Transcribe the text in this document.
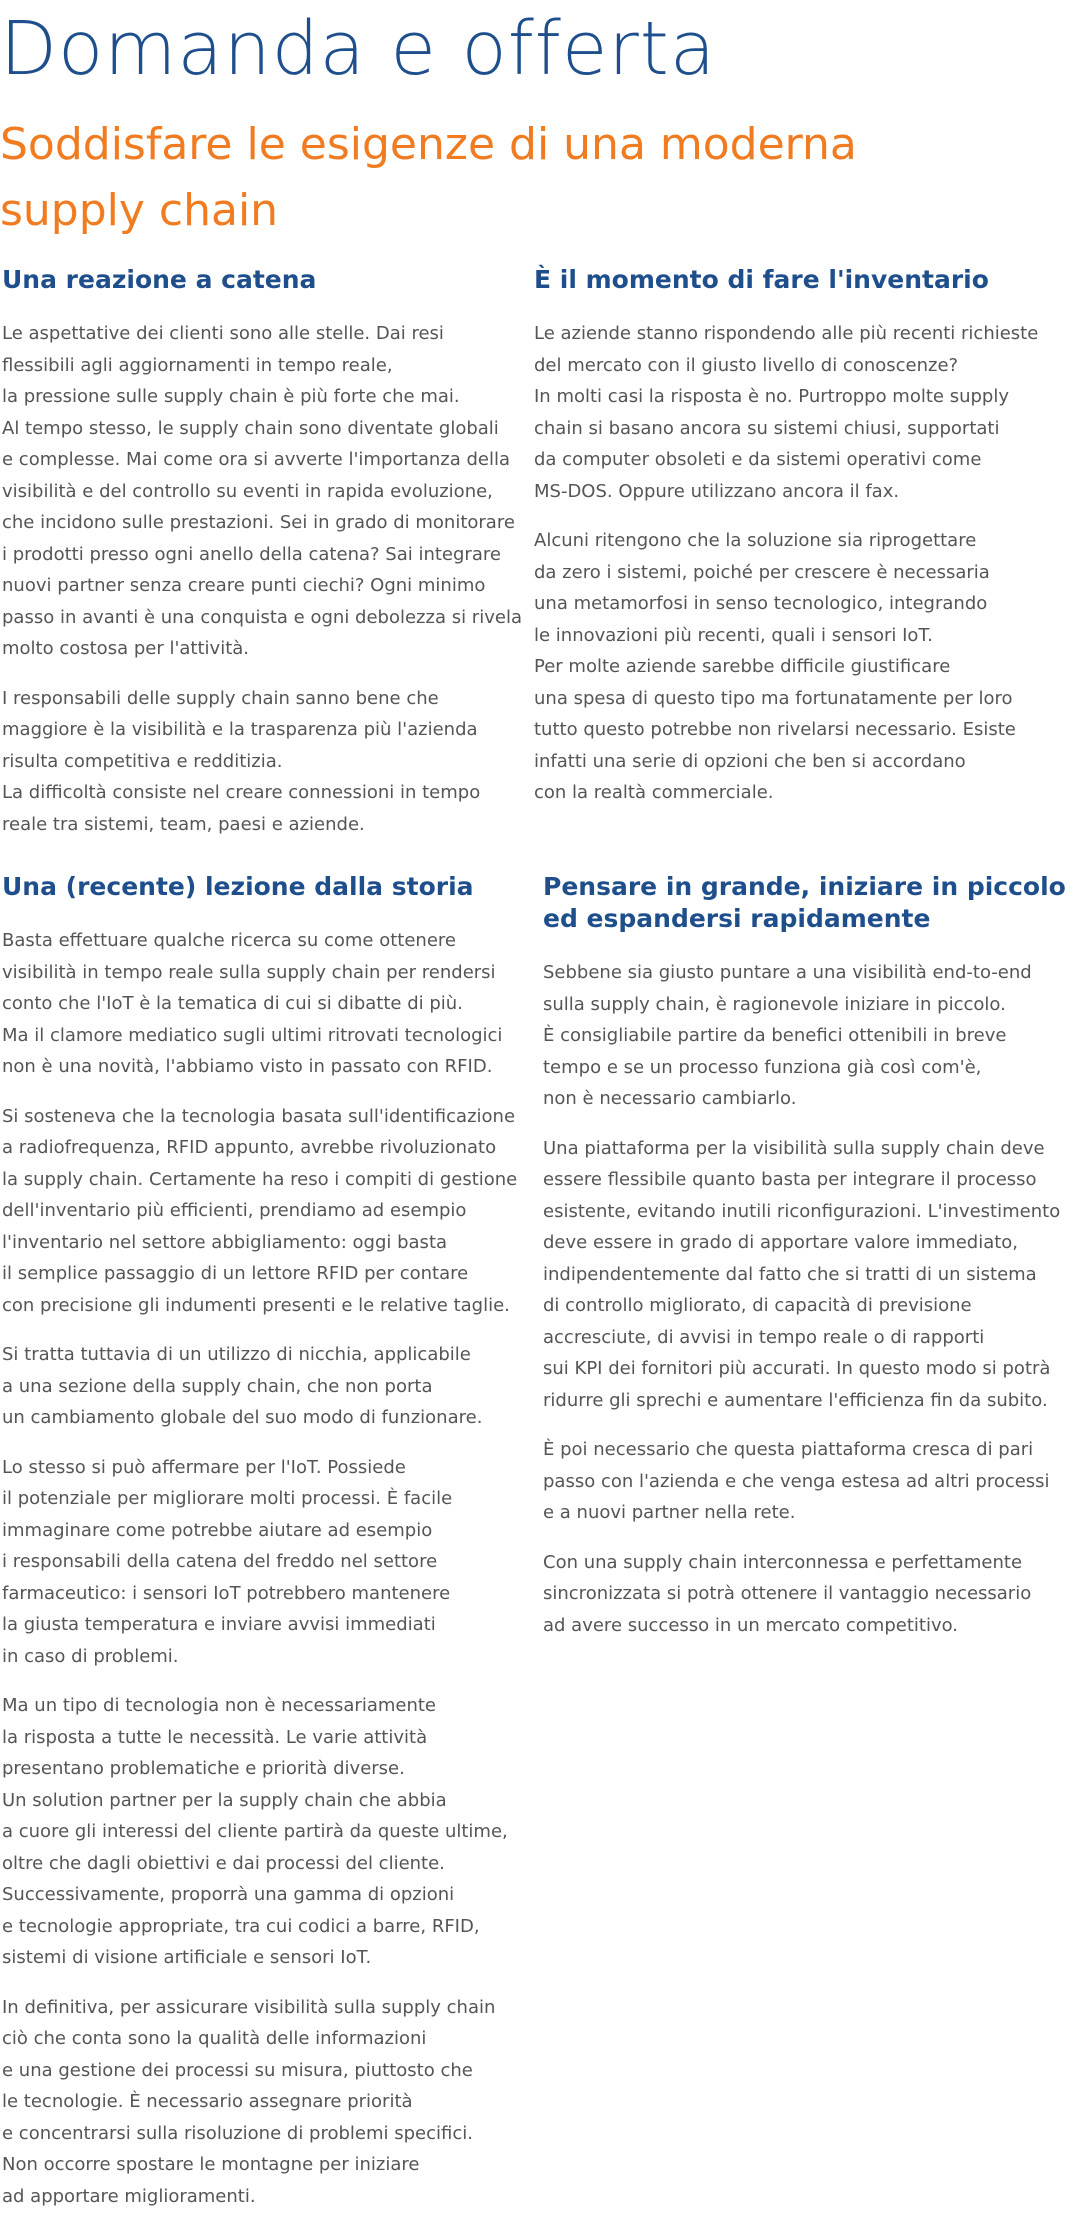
Domanda e offerta
Soddisfare le esigenze di una moderna supply chain
Una reazione a catena

Le aspettative dei clienti sono alle stelle. Dai resi
flessibili agli aggiornamenti in tempo reale,
la pressione sulle supply chain è più forte che mai.
Al tempo stesso, le supply chain sono diventate globali
e complesse. Mai come ora si avverte l'importanza della
visibilità e del controllo su eventi in rapida evoluzione,
che incidono sulle prestazioni. Sei in grado di monitorare
i prodotti presso ogni anello della catena? Sai integrare
nuovi partner senza creare punti ciechi? Ogni minimo
passo in avanti è una conquista e ogni debolezza si rivela
molto costosa per l'attività.

I responsabili delle supply chain sanno bene che
maggiore è la visibilità e la trasparenza più l'azienda
risulta competitiva e redditizia.
La difficoltà consiste nel creare connessioni in tempo
reale tra sistemi, team, paesi e aziende.

È il momento di fare l'inventario

Le aziende stanno rispondendo alle più recenti richieste
del mercato con il giusto livello di conoscenze?
In molti casi la risposta è no. Purtroppo molte supply
chain si basano ancora su sistemi chiusi, supportati
da computer obsoleti e da sistemi operativi come
MS-DOS. Oppure utilizzano ancora il fax.

Alcuni ritengono che la soluzione sia riprogettare
da zero i sistemi, poiché per crescere è necessaria
una metamorfosi in senso tecnologico, integrando
le innovazioni più recenti, quali i sensori IoT.
Per molte aziende sarebbe difficile giustificare
una spesa di questo tipo ma fortunatamente per loro
tutto questo potrebbe non rivelarsi necessario. Esiste
infatti una serie di opzioni che ben si accordano
con la realtà commerciale.

Una (recente) lezione dalla storia

Basta effettuare qualche ricerca su come ottenere
visibilità in tempo reale sulla supply chain per rendersi
conto che l'IoT è la tematica di cui si dibatte di più.
Ma il clamore mediatico sugli ultimi ritrovati tecnologici
non è una novità, l'abbiamo visto in passato con RFID.

Si sosteneva che la tecnologia basata sull'identificazione
a radiofrequenza, RFID appunto, avrebbe rivoluzionato
la supply chain. Certamente ha reso i compiti di gestione
dell'inventario più efficienti, prendiamo ad esempio
l'inventario nel settore abbigliamento: oggi basta
il semplice passaggio di un lettore RFID per contare
con precisione gli indumenti presenti e le relative taglie.

Si tratta tuttavia di un utilizzo di nicchia, applicabile
a una sezione della supply chain, che non porta
un cambiamento globale del suo modo di funzionare.

Lo stesso si può affermare per l'IoT. Possiede
il potenziale per migliorare molti processi. È facile
immaginare come potrebbe aiutare ad esempio
i responsabili della catena del freddo nel settore
farmaceutico: i sensori IoT potrebbero mantenere
la giusta temperatura e inviare avvisi immediati
in caso di problemi.

Ma un tipo di tecnologia non è necessariamente
la risposta a tutte le necessità. Le varie attività
presentano problematiche e priorità diverse.
Un solution partner per la supply chain che abbia
a cuore gli interessi del cliente partirà da queste ultime,
oltre che dagli obiettivi e dai processi del cliente.
Successivamente, proporrà una gamma di opzioni
e tecnologie appropriate, tra cui codici a barre, RFID,
sistemi di visione artificiale e sensori IoT.

In definitiva, per assicurare visibilità sulla supply chain
ciò che conta sono la qualità delle informazioni
e una gestione dei processi su misura, piuttosto che
le tecnologie. È necessario assegnare priorità
e concentrarsi sulla risoluzione di problemi specifici.
Non occorre spostare le montagne per iniziare
ad apportare miglioramenti.

Pensare in grande, iniziare in piccolo ed espandersi rapidamente

Sebbene sia giusto puntare a una visibilità end-to-end
sulla supply chain, è ragionevole iniziare in piccolo.
È consigliabile partire da benefici ottenibili in breve
tempo e se un processo funziona già così com'è,
non è necessario cambiarlo.

Una piattaforma per la visibilità sulla supply chain deve
essere flessibile quanto basta per integrare il processo
esistente, evitando inutili riconfigurazioni. L'investimento
deve essere in grado di apportare valore immediato,
indipendentemente dal fatto che si tratti di un sistema
di controllo migliorato, di capacità di previsione
accresciute, di avvisi in tempo reale o di rapporti
sui KPI dei fornitori più accurati. In questo modo si potrà
ridurre gli sprechi e aumentare l'efficienza fin da subito.

È poi necessario che questa piattaforma cresca di pari
passo con l'azienda e che venga estesa ad altri processi
e a nuovi partner nella rete.

Con una supply chain interconnessa e perfettamente
sincronizzata si potrà ottenere il vantaggio necessario
ad avere successo in un mercato competitivo.
